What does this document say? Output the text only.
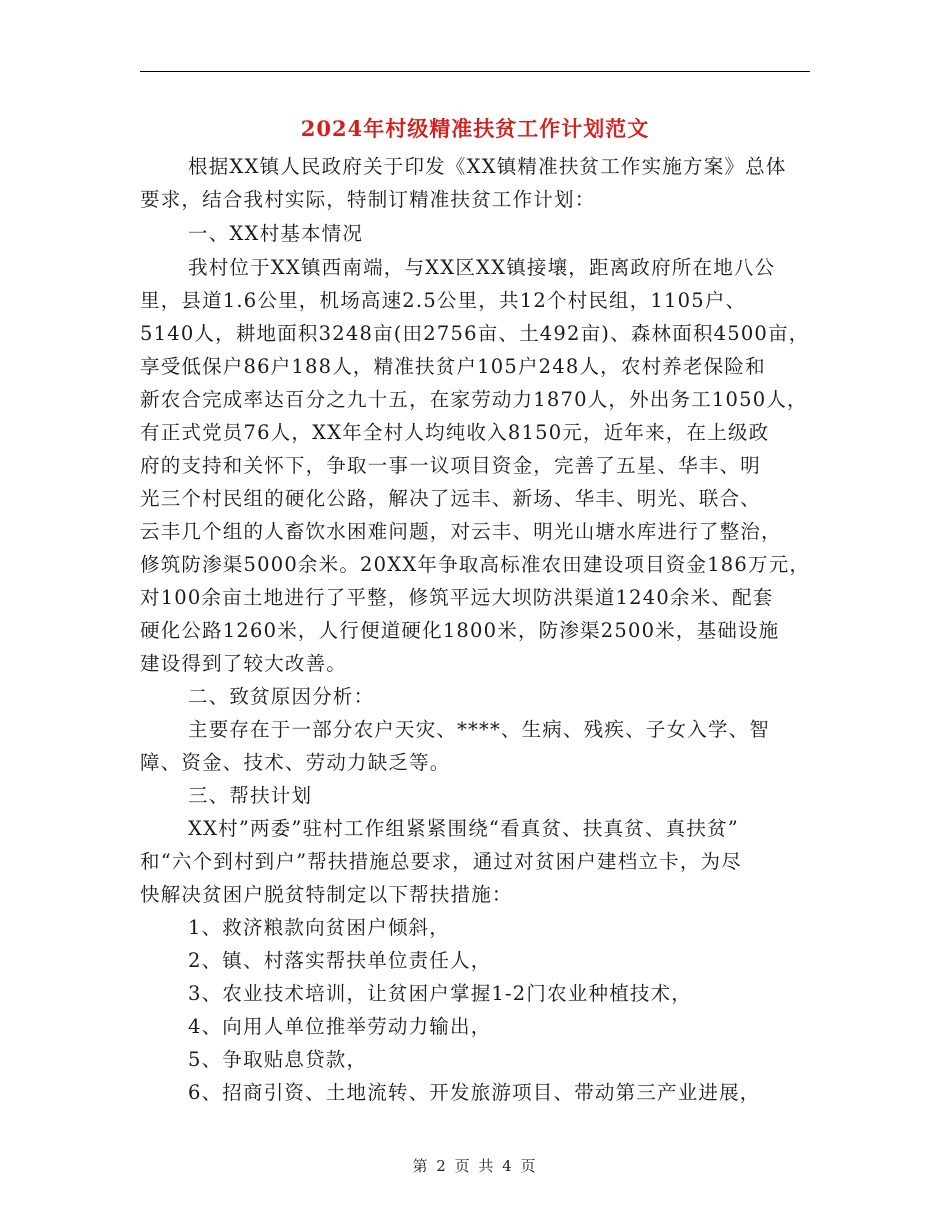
2024年村级精准扶贫工作计划范文
根据XX镇人民政府关于印发《XX镇精准扶贫工作实施方案》总体
要求，结合我村实际，特制订精准扶贫工作计划：
一、XX村基本情况
我村位于XX镇西南端，与XX区XX镇接壤，距离政府所在地八公
里，县道1.6公里，机场高速2.5公里，共12个村民组，1105户、
5140人，耕地面积3248亩(田2756亩、土492亩)、森林面积4500亩，
享受低保户86户188人，精准扶贫户105户248人，农村养老保险和
新农合完成率达百分之九十五，在家劳动力1870人，外出务工1050人，
有正式党员76人，XX年全村人均纯收入8150元，近年来，在上级政
府的支持和关怀下，争取一事一议项目资金，完善了五星、华丰、明
光三个村民组的硬化公路，解决了远丰、新场、华丰、明光、联合、
云丰几个组的人畜饮水困难问题，对云丰、明光山塘水库进行了整治，
修筑防渗渠5000余米。20XX年争取高标准农田建设项目资金186万元，
对100余亩土地进行了平整，修筑平远大坝防洪渠道1240余米、配套
硬化公路1260米，人行便道硬化1800米，防渗渠2500米，基础设施
建设得到了较大改善。
二、致贫原因分析：
主要存在于一部分农户天灾、****、生病、残疾、子女入学、智
障、资金、技术、劳动力缺乏等。
三、帮扶计划
XX村”两委”驻村工作组紧紧围绕“看真贫、扶真贫、真扶贫”
和“六个到村到户”帮扶措施总要求，通过对贫困户建档立卡，为尽
快解决贫困户脱贫特制定以下帮扶措施：
1、救济粮款向贫困户倾斜，
2、镇、村落实帮扶单位责任人，
3、农业技术培训，让贫困户掌握1-2门农业种植技术，
4、向用人单位推举劳动力输出，
5、争取贴息贷款，
6、招商引资、土地流转、开发旅游项目、带动第三产业进展，
第 2 页 共 4 页
